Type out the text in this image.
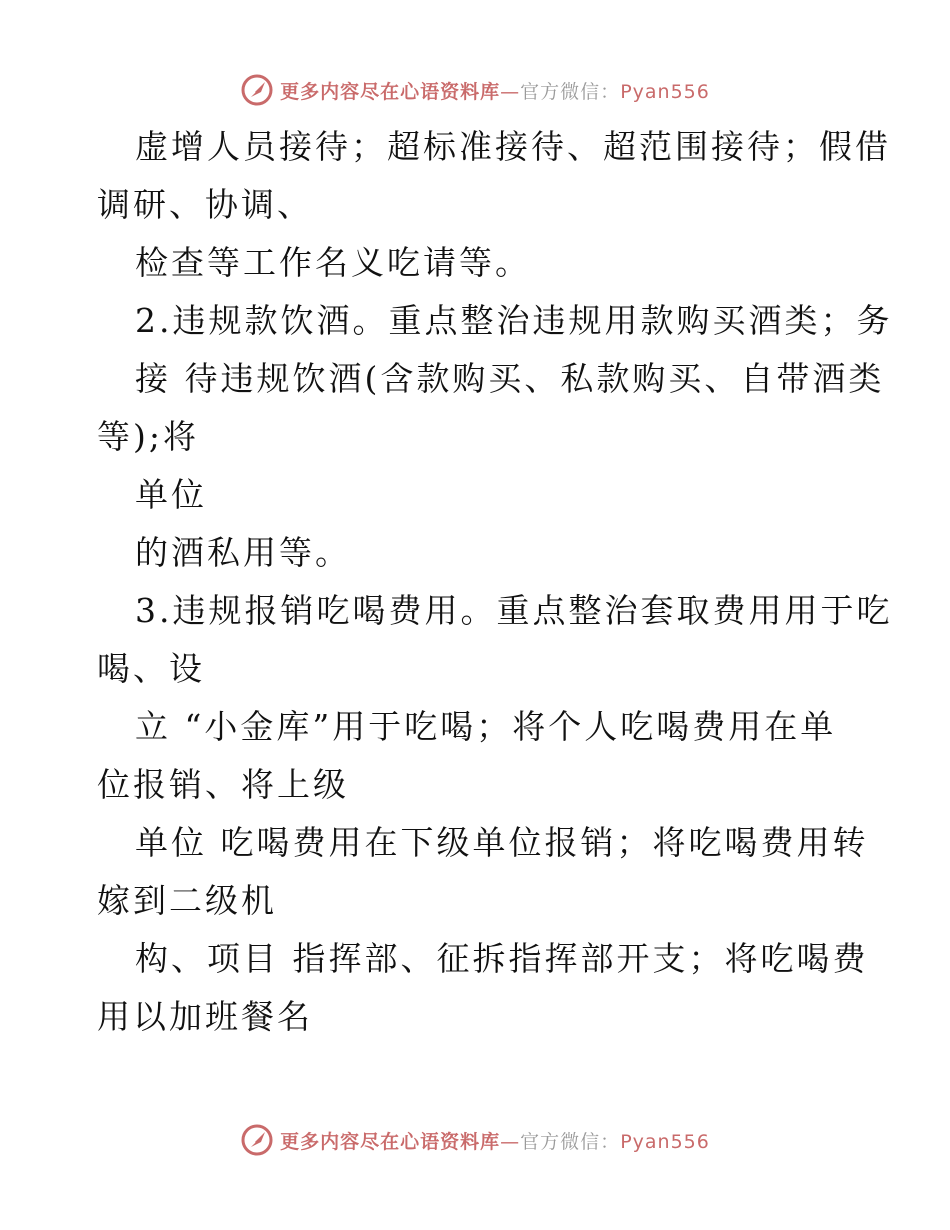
更多内容尽在心语资料库—官方微信：Pyan556
虚增人员接待；超标准接待、超范围接待；假借
调研、协调、
检查等工作名义吃请等。
2.违规款饮酒。重点整治违规用款购买酒类；务
接 待违规饮酒(含款购买、私款购买、自带酒类
等);将
单位
的酒私用等。
3.违规报销吃喝费用。重点整治套取费用用于吃
喝、设
立 “小金库”用于吃喝；将个人吃喝费用在单
位报销、将上级
单位 吃喝费用在下级单位报销；将吃喝费用转
嫁到二级机
构、项目 指挥部、征拆指挥部开支；将吃喝费
用以加班餐名
更多内容尽在心语资料库—官方微信：Pyan556
